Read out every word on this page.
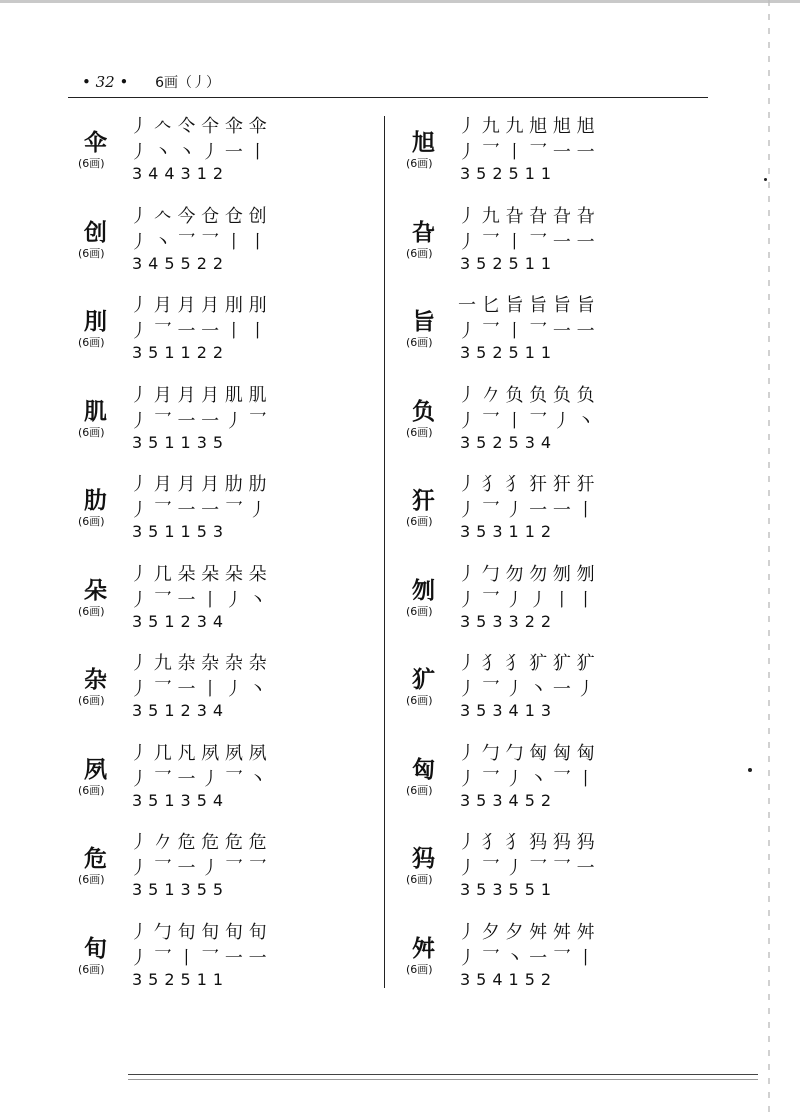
• 32 • 6画（丿）
伞
(6画)
丿 𠆢 仒 仐 伞 伞
丿 丶 丶 丿 一 丨
344312
创
(6画)
丿 𠆢 今 仓 仓 创
丿 丶 乛 乛 丨 丨
345522
刖
(6画)
丿 月 月 月 刖 刖
丿 乛 一 一 丨 丨
351122
肌
(6画)
丿 月 月 月 肌 肌
丿 乛 一 一 丿 乛
351135
肋
(6画)
丿 月 月 月 肋 肋
丿 乛 一 一 乛 丿
351153
朵
(6画)
丿 几 朵 朵 朵 朵
丿 乛 一 丨 丿 丶
351234
杂
(6画)
丿 九 杂 杂 杂 杂
丿 乛 一 丨 丿 丶
351234
夙
(6画)
丿 几 凡 夙 夙 夙
丿 乛 一 丿 乛 丶
351354
危
(6画)
丿 𠂊 危 危 危 危
丿 乛 一 丿 乛 乛
351355
旬
(6画)
丿 勹 旬 旬 旬 旬
丿 乛 丨 乛 一 一
352511
旭
(6画)
丿 九 九 旭 旭 旭
丿 乛 丨 乛 一 一
352511
旮
(6画)
丿 九 旮 旮 旮 旮
丿 乛 丨 乛 一 一
352511
旨
(6画)
一 匕 旨 旨 旨 旨
丿 乛 丨 乛 一 一
352511
负
(6画)
丿 𠂊 负 负 负 负
丿 乛 丨 乛 丿 丶
352534
犴
(6画)
丿 犭 犭 犴 犴 犴
丿 乛 丿 一 一 丨
353112
刎
(6画)
丿 勹 勿 勿 刎 刎
丿 乛 丿 丿 丨 丨
353322
犷
(6画)
丿 犭 犭 犷 犷 犷
丿 乛 丿 丶 一 丿
353413
匈
(6画)
丿 勹 勹 匈 匈 匈
丿 乛 丿 丶 乛 丨
353452
犸
(6画)
丿 犭 犭 犸 犸 犸
丿 乛 丿 乛 乛 一
353551
舛
(6画)
丿 夕 夕 舛 舛 舛
丿 乛 丶 一 乛 丨
354152
